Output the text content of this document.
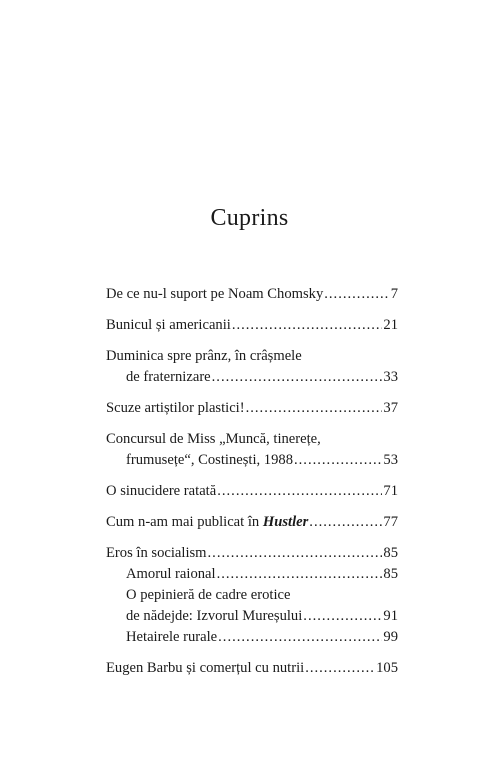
Cuprins
De ce nu-l suport pe Noam Chomsky .....	7
Bunicul și americanii .....	21
Duminica spre prânz, în crâșmele
de fraternizare .....	33
Scuze artiștilor plastici! .....	37
Concursul de Miss „Muncă, tinerețe,
frumusețe“, Costinești, 1988 .....	53
O sinucidere ratată .....	71
Cum n-am mai publicat în Hustler .....	77
Eros în socialism .....	85
Amorul raional .....	85
O pepinieră de cadre erotice
de nădejde: Izvorul Mureșului .....	91
Hetairele rurale .....	99
Eugen Barbu și comerțul cu nutrii .....	105
